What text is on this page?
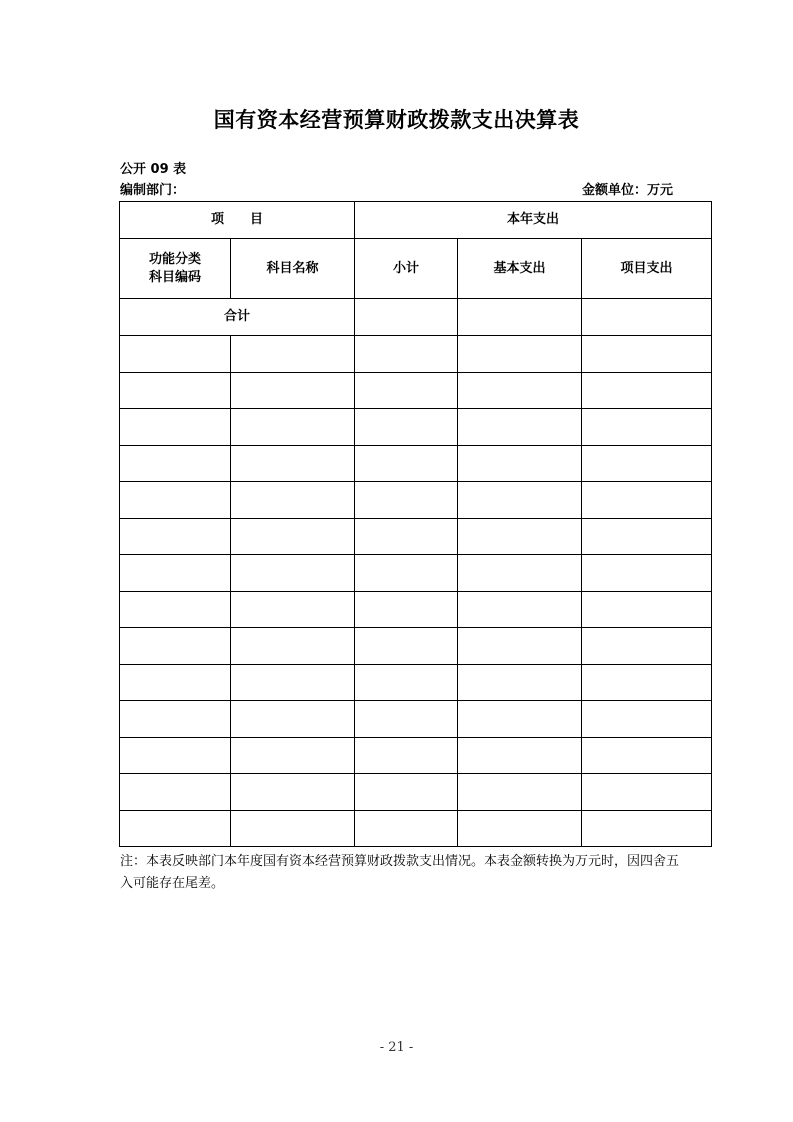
国有资本经营预算财政拨款支出决算表
公开 09 表
编制部门：	金额单位：万元
项 目		本年支出		

功能分类
科目编码	科目名称	小计	基本支出	项目支出
合计				

注：本表反映部门本年度国有资本经营预算财政拨款支出情况。本表金额转换为万元时，因四舍五入可能存在尾差。
- 21 -
